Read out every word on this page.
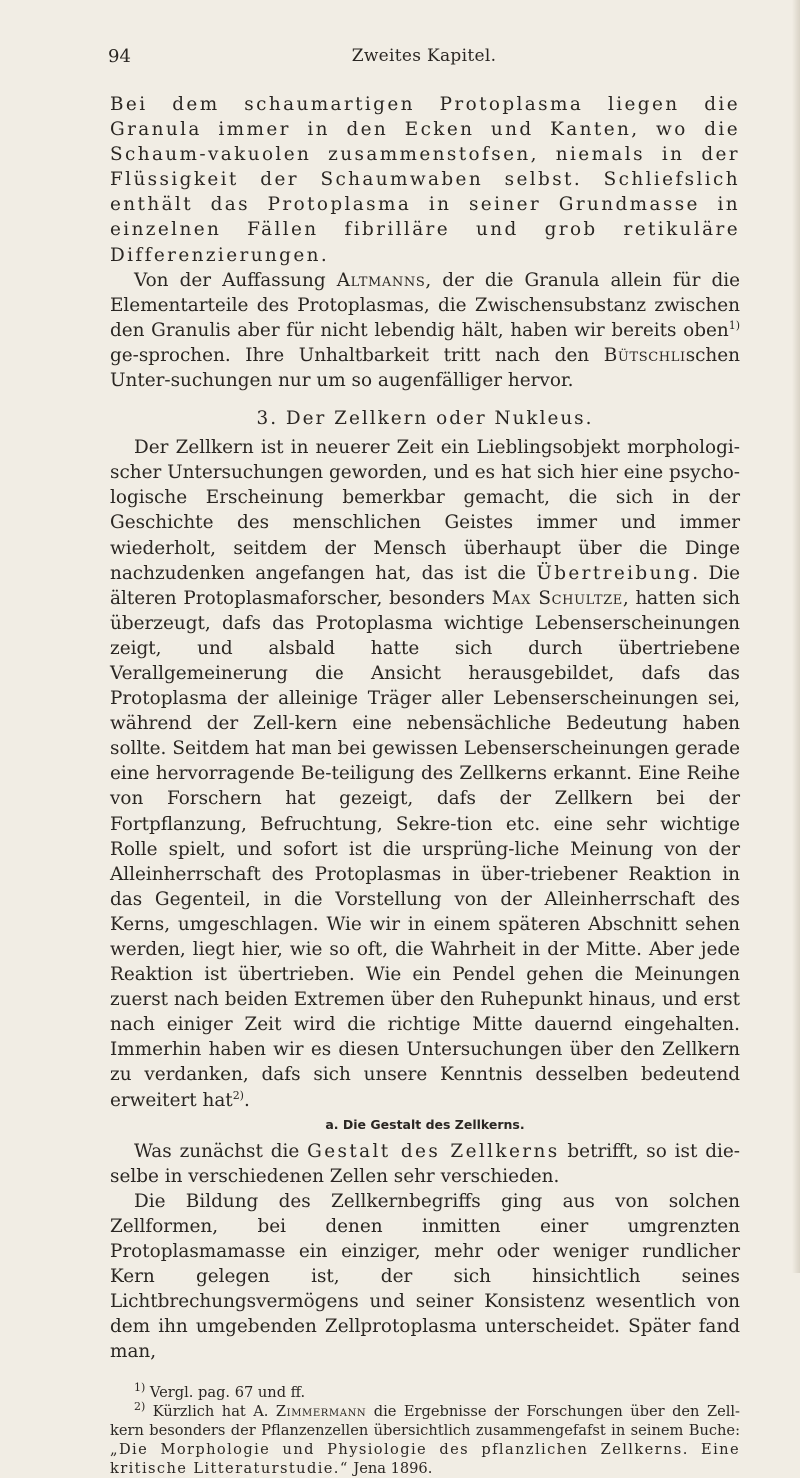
94	Zweites Kapitel.

Bei dem schaumartigen Protoplasma liegen die Granula immer in den Ecken und Kanten, wo die Schaum-vakuolen zusammenstofsen, niemals in der Flüssigkeit der Schaumwaben selbst. Schliefslich enthält das Protoplasma in seiner Grundmasse in einzelnen Fällen fibrilläre und grob retikuläre Differenzierungen.

Von der Auffassung Altmanns, der die Granula allein für die Elementarteile des Protoplasmas, die Zwischensubstanz zwischen den Granulis aber für nicht lebendig hält, haben wir bereits oben$^{1)}$ ge-sprochen. Ihre Unhaltbarkeit tritt nach den Bütschlischen Unter-suchungen nur um so augenfälliger hervor.

3. Der Zellkern oder Nukleus.

Der Zellkern ist in neuerer Zeit ein Lieblingsobjekt morphologi-scher Untersuchungen geworden, und es hat sich hier eine psycho-logische Erscheinung bemerkbar gemacht, die sich in der Geschichte des menschlichen Geistes immer und immer wiederholt, seitdem der Mensch überhaupt über die Dinge nachzudenken angefangen hat, das ist die Übertreibung. Die älteren Protoplasmaforscher, besonders Max Schultze, hatten sich überzeugt, dafs das Protoplasma wichtige Lebenserscheinungen zeigt, und alsbald hatte sich durch übertriebene Verallgemeinerung die Ansicht herausgebildet, dafs das Protoplasma der alleinige Träger aller Lebenserscheinungen sei, während der Zell-kern eine nebensächliche Bedeutung haben sollte. Seitdem hat man bei gewissen Lebenserscheinungen gerade eine hervorragende Be-teiligung des Zellkerns erkannt. Eine Reihe von Forschern hat gezeigt, dafs der Zellkern bei der Fortpflanzung, Befruchtung, Sekre-tion etc. eine sehr wichtige Rolle spielt, und sofort ist die ursprüng-liche Meinung von der Alleinherrschaft des Protoplasmas in über-triebener Reaktion in das Gegenteil, in die Vorstellung von der Alleinherrschaft des Kerns, umgeschlagen. Wie wir in einem späteren Abschnitt sehen werden, liegt hier, wie so oft, die Wahrheit in der Mitte. Aber jede Reaktion ist übertrieben. Wie ein Pendel gehen die Meinungen zuerst nach beiden Extremen über den Ruhepunkt hinaus, und erst nach einiger Zeit wird die richtige Mitte dauernd eingehalten. Immerhin haben wir es diesen Untersuchungen über den Zellkern zu verdanken, dafs sich unsere Kenntnis desselben bedeutend erweitert hat$^{2)}$.

a. Die Gestalt des Zellkerns.

Was zunächst die Gestalt des Zellkerns betrifft, so ist die-selbe in verschiedenen Zellen sehr verschieden.

Die Bildung des Zellkernbegriffs ging aus von solchen Zellformen, bei denen inmitten einer umgrenzten Protoplasmamasse ein einziger, mehr oder weniger rundlicher Kern gelegen ist, der sich hinsichtlich seines Lichtbrechungsvermögens und seiner Konsistenz wesentlich von dem ihn umgebenden Zellprotoplasma unterscheidet. Später fand man,

$^{1)}$ Vergl. pag. 67 und ff.

$^{2)}$ Kürzlich hat A. Zimmermann die Ergebnisse der Forschungen über den Zell-kern besonders der Pflanzenzellen übersichtlich zusammengefafst in seinem Buche: „Die Morphologie und Physiologie des pflanzlichen Zellkerns. Eine kritische Litteraturstudie.“ Jena 1896.
